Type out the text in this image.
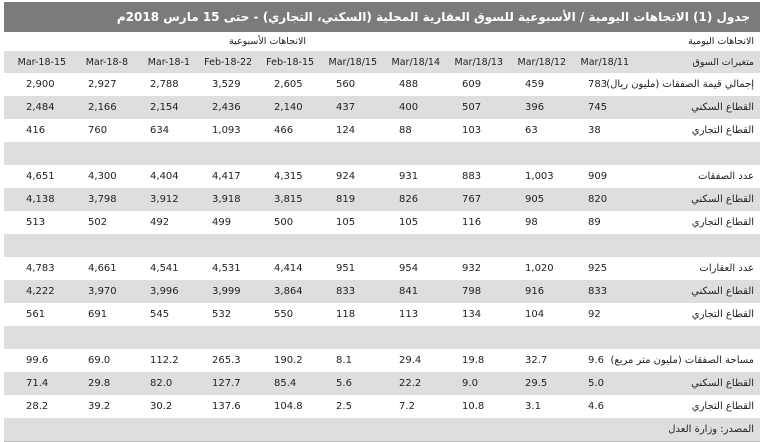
جدول (1) الاتجاهات اليومية / الأسبوعية للسوق العقارية المحلية (السكني، التجاري) - حتى 15 مارس 2018م
الاتجاهات اليومية						الاتجاهات الأسبوعية				
متغيرات السوق	Mar/18/11	Mar/18/12	Mar/18/13	Mar/18/14	Mar/18/15	15-Feb-18	22-Feb-18	1-Mar-18	8-Mar-18	15-Mar-18
إجمالي قيمة الصفقات (مليون ريال)	783	459	609	488	560	2,605	3,529	2,788	2,927	2,900
القطاع السكني	745	396	507	400	437	2,140	2,436	2,154	2,166	2,484
القطاع التجاري	38	63	103	88	124	466	1,093	634	760	416

عدد الصفقات	909	1,003	883	931	924	4,315	4,417	4,404	4,300	4,651
القطاع السكني	820	905	767	826	819	3,815	3,918	3,912	3,798	4,138
القطاع التجاري	89	98	116	105	105	500	499	492	502	513

عدد العقارات	925	1,020	932	954	951	4,414	4,531	4,541	4,661	4,783
القطاع السكني	833	916	798	841	833	3,864	3,999	3,996	3,970	4,222
القطاع التجاري	92	104	134	113	118	550	532	545	691	561

مساحة الصفقات (مليون متر مربع)	9.6	32.7	19.8	29.4	8.1	190.2	265.3	112.2	69.0	99.6
القطاع السكني	5.0	29.5	9.0	22.2	5.6	85.4	127.7	82.0	29.8	71.4
القطاع التجاري	4.6	3.1	10.8	7.2	2.5	104.8	137.6	30.2	39.2	28.2
المصدر: وزارة العدل										
